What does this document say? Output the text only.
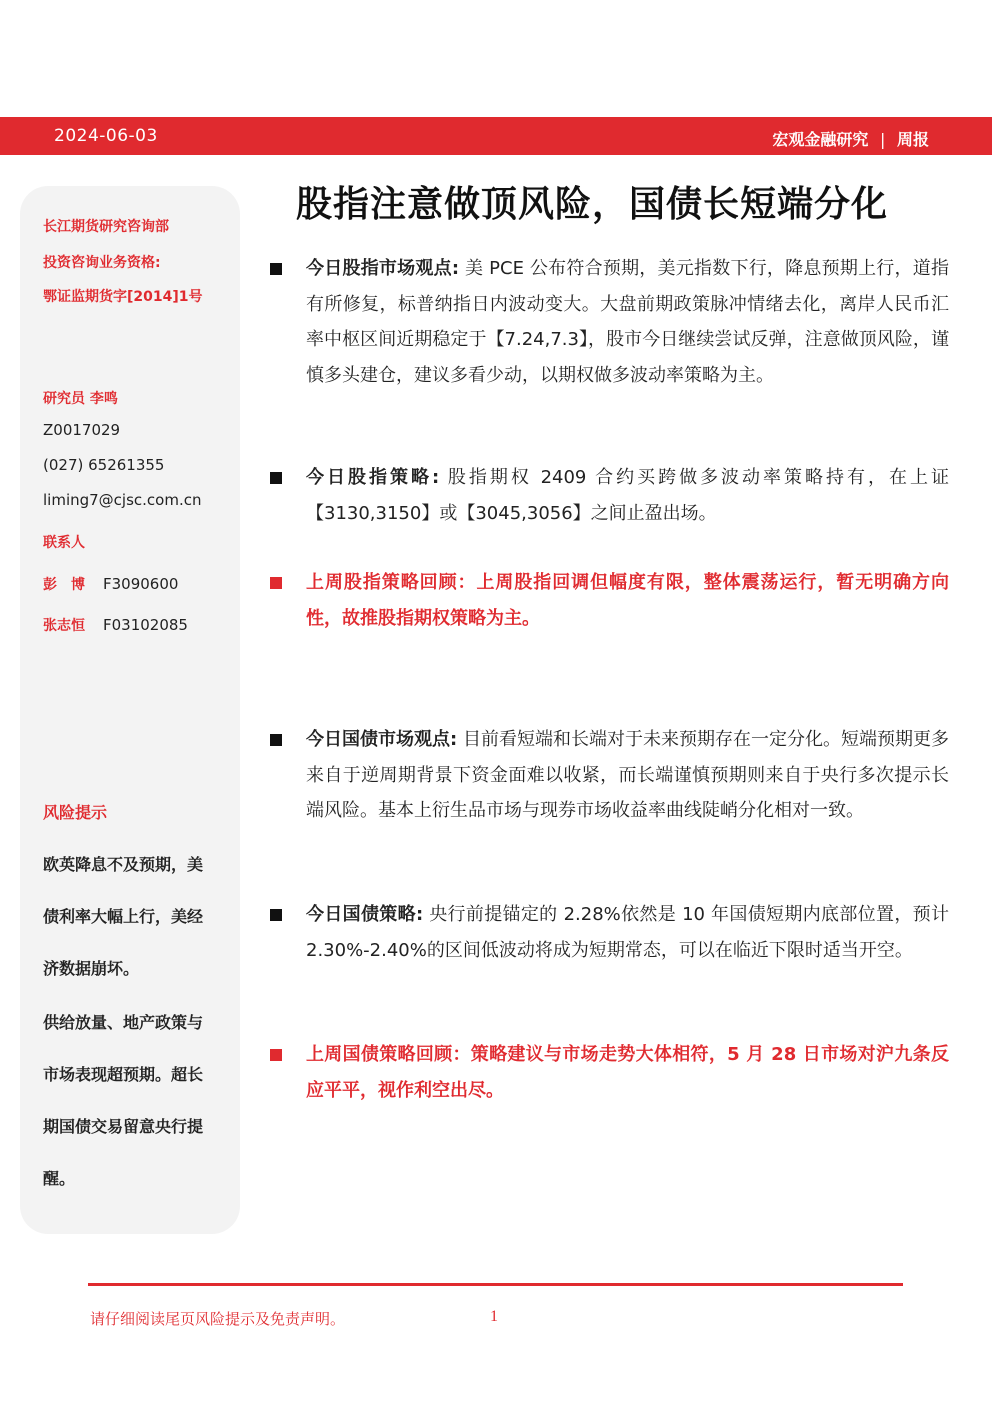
2024-06-03	宏观金融研究 | 周报
长江期货研究咨询部
投资咨询业务资格:
鄂证监期货字[2014]1号
研究员 李鸣
Z0017029
(027) 65261355
liming7@cjsc.com.cn
联系人
彭　博 F3090600
张志恒 F03102085
风险提示
欧英降息不及预期，美
债利率大幅上行，美经
济数据崩坏。
供给放量、地产政策与
市场表现超预期。超长
期国债交易留意央行提
醒。
股指注意做顶风险，国债长短端分化
今日股指市场观点: 美 PCE 公布符合预期，美元指数下行，降息预期上行，道指有所修复，标普纳指日内波动变大。大盘前期政策脉冲情绪去化，离岸人民币汇率中枢区间近期稳定于【7.24,7.3】，股市今日继续尝试反弹，注意做顶风险，谨慎多头建仓，建议多看少动，以期权做多波动率策略为主。
今日股指策略: 股指期权 2409 合约买跨做多波动率策略持有，在上证【3130,3150】或【3045,3056】之间止盈出场。
上周股指策略回顾：上周股指回调但幅度有限，整体震荡运行，暂无明确方向性，故推股指期权策略为主。
今日国债市场观点: 目前看短端和长端对于未来预期存在一定分化。短端预期更多来自于逆周期背景下资金面难以收紧，而长端谨慎预期则来自于央行多次提示长端风险。基本上衍生品市场与现券市场收益率曲线陡峭分化相对一致。
今日国债策略: 央行前提锚定的 2.28%依然是 10 年国债短期内底部位置，预计 2.30%-2.40%的区间低波动将成为短期常态，可以在临近下限时适当开空。
上周国债策略回顾：策略建议与市场走势大体相符，5 月 28 日市场对沪九条反应平平，视作利空出尽。
请仔细阅读尾页风险提示及免责声明。	1
